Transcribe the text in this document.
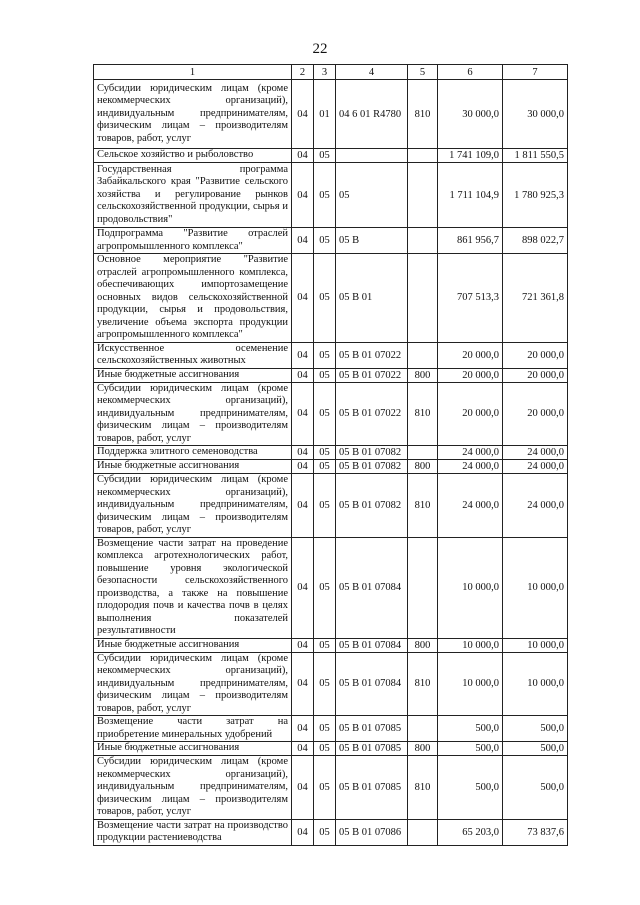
22
1	2	3	4	5	6	7
Субсидии юридическим лицам (кроме некоммерческих организаций), индивидуальным предпринимателям, физическим лицам – производителям товаров, работ, услуг	04	01	04 6 01 R4780	810	30 000,0	30 000,0
Сельское хозяйство и рыболовство	04	05			1 741 109,0	1 811 550,5
Государственная программа Забайкальского края "Развитие сельского хозяйства и регулирование рынков сельскохозяйственной продукции, сырья и продовольствия"	04	05	05		1 711 104,9	1 780 925,3
Подпрограмма "Развитие отраслей агропромышленного комплекса"	04	05	05 В		861 956,7	898 022,7
Основное мероприятие "Развитие отраслей агропромышленного комплекса, обеспечивающих импортозамещение основных видов сельскохозяйственной продукции, сырья и продовольствия, увеличение объема экспорта продукции агропромышленного комплекса"	04	05	05 В 01		707 513,3	721 361,8
Искусственное осеменение сельскохозяйственных животных	04	05	05 В 01 07022		20 000,0	20 000,0
Иные бюджетные ассигнования	04	05	05 В 01 07022	800	20 000,0	20 000,0
Субсидии юридическим лицам (кроме некоммерческих организаций), индивидуальным предпринимателям, физическим лицам – производителям товаров, работ, услуг	04	05	05 В 01 07022	810	20 000,0	20 000,0
Поддержка элитного семеноводства	04	05	05 В 01 07082		24 000,0	24 000,0
Иные бюджетные ассигнования	04	05	05 В 01 07082	800	24 000,0	24 000,0
Субсидии юридическим лицам (кроме некоммерческих организаций), индивидуальным предпринимателям, физическим лицам – производителям товаров, работ, услуг	04	05	05 В 01 07082	810	24 000,0	24 000,0
Возмещение части затрат на проведение комплекса агротехнологических работ, повышение уровня экологической безопасности сельскохозяйственного производства, а также на повышение плодородия почв и качества почв в целях выполнения показателей результативности	04	05	05 В 01 07084		10 000,0	10 000,0
Иные бюджетные ассигнования	04	05	05 В 01 07084	800	10 000,0	10 000,0
Субсидии юридическим лицам (кроме некоммерческих организаций), индивидуальным предпринимателям, физическим лицам – производителям товаров, работ, услуг	04	05	05 В 01 07084	810	10 000,0	10 000,0
Возмещение части затрат на приобретение минеральных удобрений	04	05	05 В 01 07085		500,0	500,0
Иные бюджетные ассигнования	04	05	05 В 01 07085	800	500,0	500,0
Субсидии юридическим лицам (кроме некоммерческих организаций), индивидуальным предпринимателям, физическим лицам – производителям товаров, работ, услуг	04	05	05 В 01 07085	810	500,0	500,0
Возмещение части затрат на производство продукции растениеводства	04	05	05 В 01 07086		65 203,0	73 837,6
